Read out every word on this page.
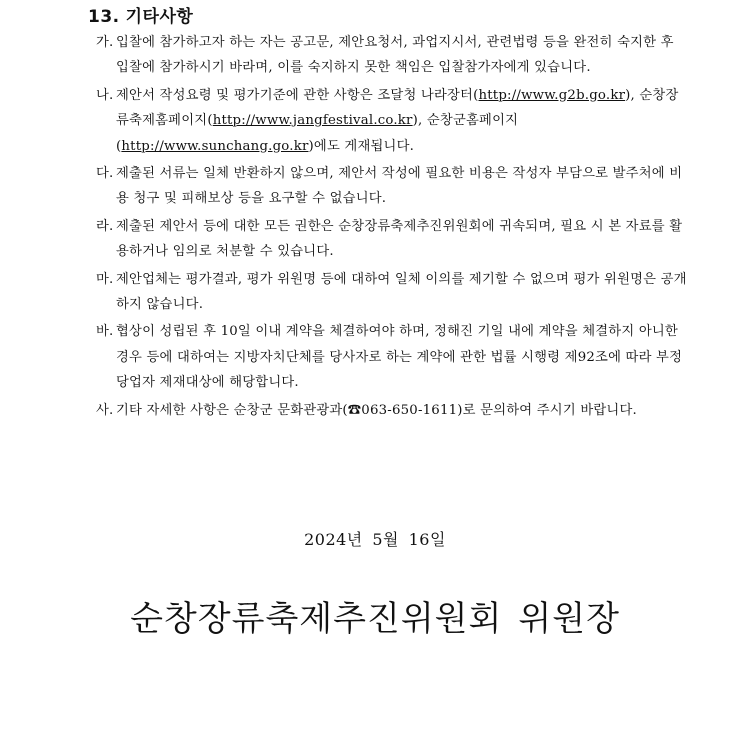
13. 기타사항
가. 입찰에 참가하고자 하는 자는 공고문, 제안요청서, 과업지시서, 관련법령 등을 완전히 숙지한 후 입찰에 참가하시기 바라며, 이를 숙지하지 못한 책임은 입찰참가자에게 있습니다.
나. 제안서 작성요령 및 평가기준에 관한 사항은 조달청 나라장터(http://www.g2b.go.kr), 순창장류축제홈페이지(http://www.jangfestival.co.kr), 순창군홈페이지(http://www.sunchang.go.kr)에도 게재됩니다.
다. 제출된 서류는 일체 반환하지 않으며, 제안서 작성에 필요한 비용은 작성자 부담으로 발주처에 비용 청구 및 피해보상 등을 요구할 수 없습니다.
라. 제출된 제안서 등에 대한 모든 권한은 순창장류축제추진위원회에 귀속되며, 필요 시 본 자료를 활용하거나 임의로 처분할 수 있습니다.
마. 제안업체는 평가결과, 평가 위원명 등에 대하여 일체 이의를 제기할 수 없으며 평가 위원명은 공개하지 않습니다.
바. 협상이 성립된 후 10일 이내 계약을 체결하여야 하며, 정해진 기일 내에 계약을 체결하지 아니한 경우 등에 대하여는 지방자치단체를 당사자로 하는 계약에 관한 법률 시행령 제92조에 따라 부정당업자 제재대상에 해당합니다.
사. 기타 자세한 사항은 순창군 문화관광과(☎063-650-1611)로 문의하여 주시기 바랍니다.
2024년 5월 16일
순창장류축제추진위원회 위원장
